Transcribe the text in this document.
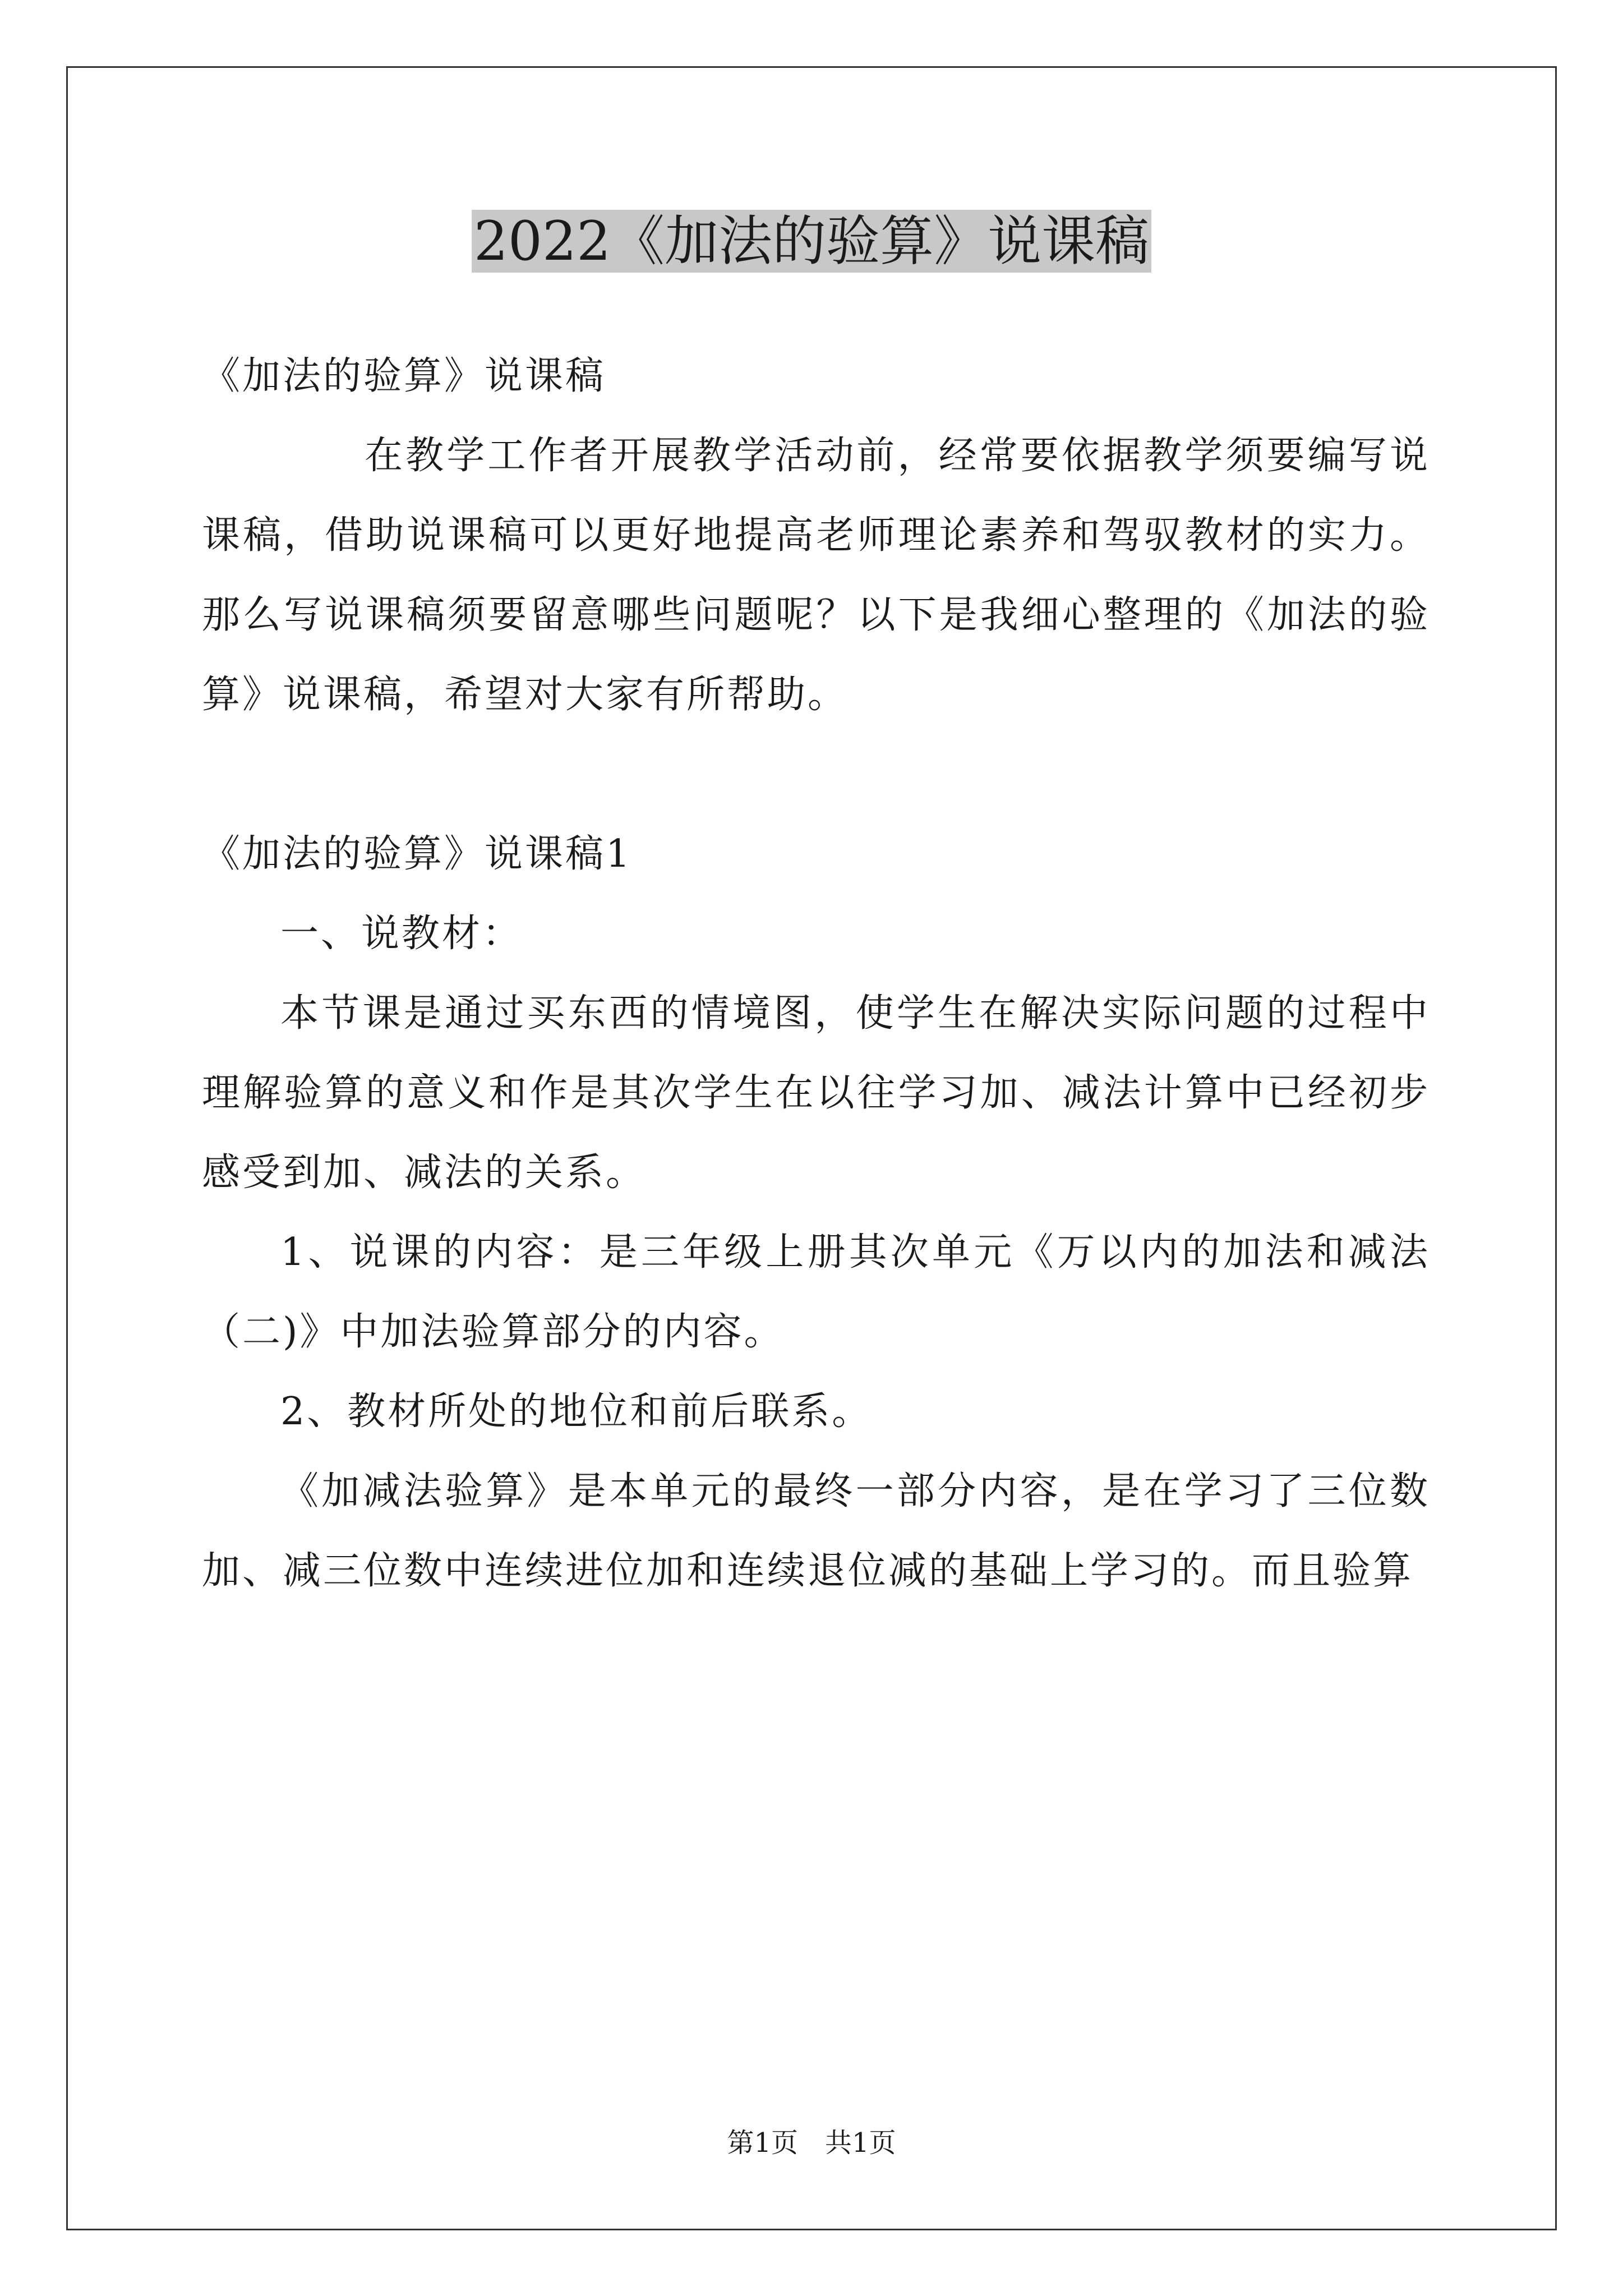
2022《加法的验算》说课稿

《加法的验算》说课稿

在教学工作者开展教学活动前，经常要依据教学须要编写说课稿，借助说课稿可以更好地提高老师理论素养和驾驭教材的实力。那么写说课稿须要留意哪些问题呢？以下是我细心整理的《加法的验算》说课稿，希望对大家有所帮助。

《加法的验算》说课稿1

一、说教材：

本节课是通过买东西的情境图，使学生在解决实际问题的过程中理解验算的意义和作是其次学生在以往学习加、减法计算中已经初步感受到加、减法的关系。

1、说课的内容：是三年级上册其次单元《万以内的加法和减法（二)》中加法验算部分的内容。

2、教材所处的地位和前后联系。

《加减法验算》是本单元的最终一部分内容，是在学习了三位数加、减三位数中连续进位加和连续退位减的基础上学习的。而且验算

第1页　共1页
